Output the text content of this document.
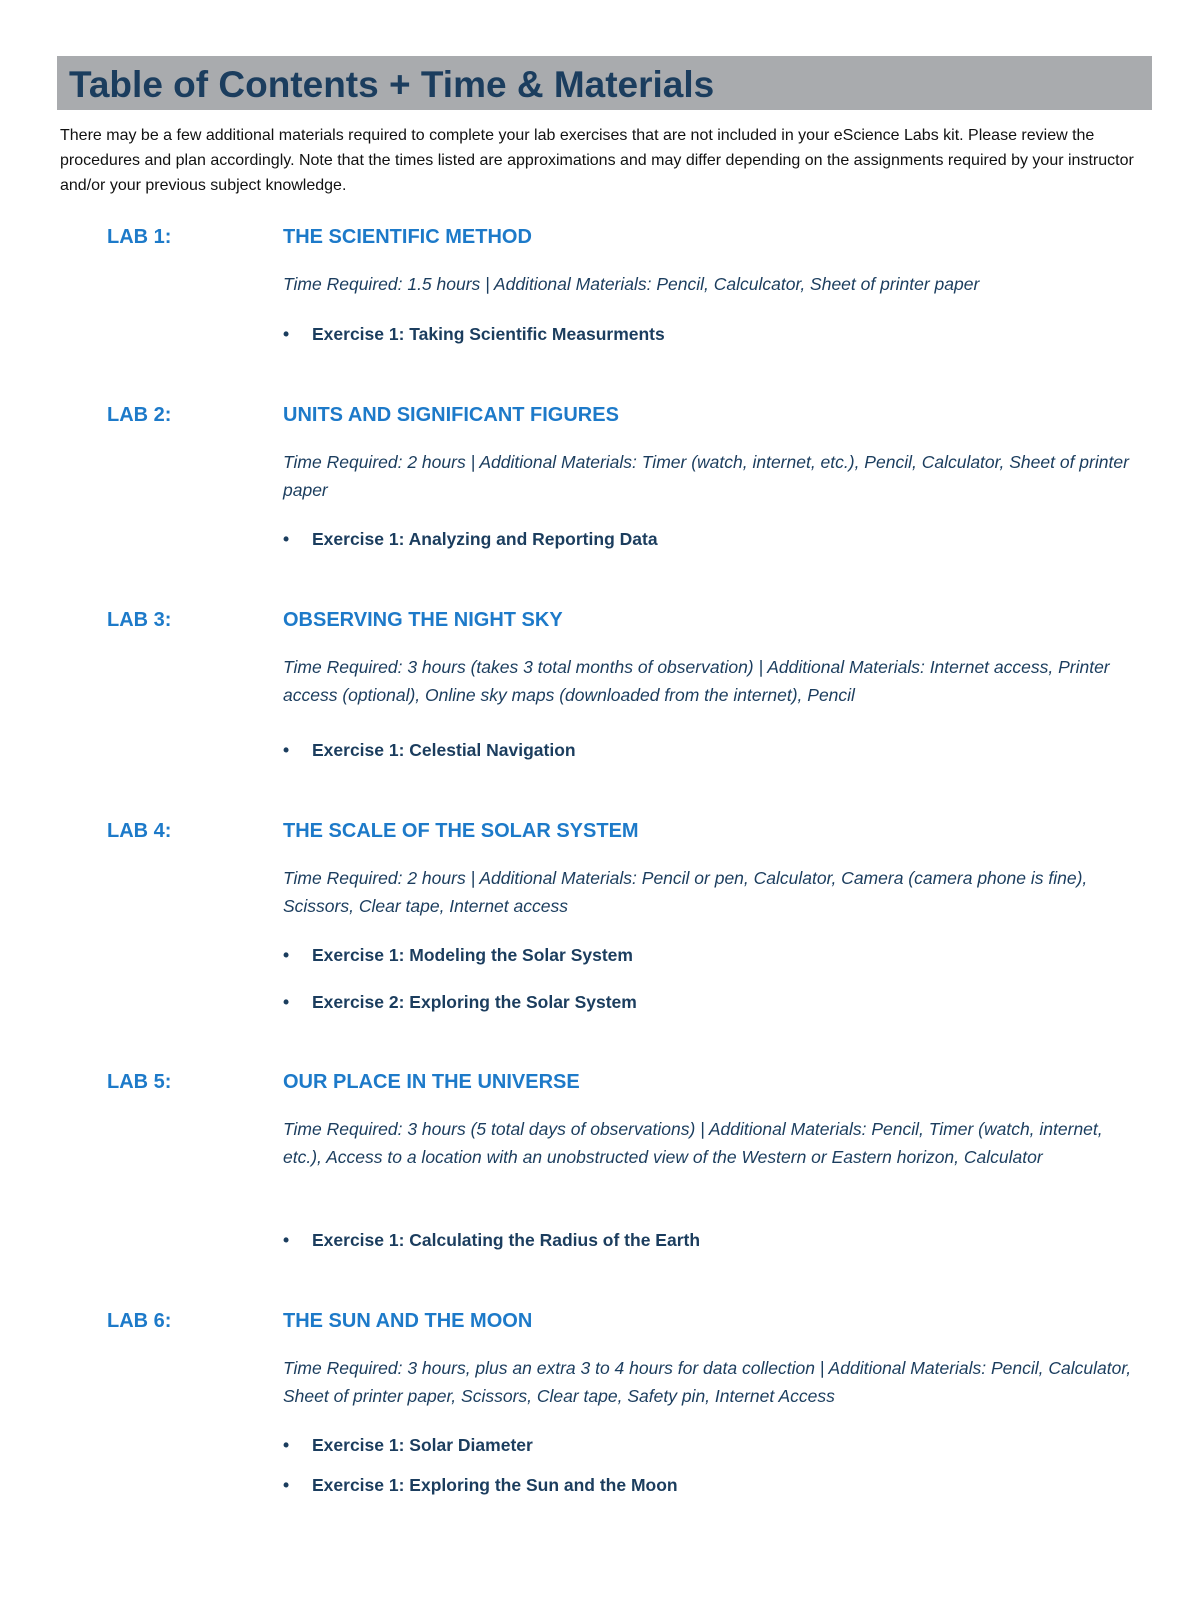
Table of Contents + Time & Materials

There may be a few additional materials required to complete your lab exercises that are not included in your eScience Labs kit. Please review the procedures and plan accordingly. Note that the times listed are approximations and may differ depending on the assignments required by your instructor and/or your previous subject knowledge.

LAB 1:	THE SCIENTIFIC METHOD

Time Required: 1.5 hours | Additional Materials: Pencil, Calculcator, Sheet of printer paper

• Exercise 1: Taking Scientific Measurments

LAB 2:	UNITS AND SIGNIFICANT FIGURES

Time Required: 2 hours | Additional Materials: Timer (watch, internet, etc.), Pencil, Calculator, Sheet of printer paper

• Exercise 1: Analyzing and Reporting Data

LAB 3:	OBSERVING THE NIGHT SKY

Time Required: 3 hours (takes 3 total months of observation) | Additional Materials: Internet access, Printer access (optional), Online sky maps (downloaded from the internet), Pencil

• Exercise 1: Celestial Navigation

LAB 4:	THE SCALE OF THE SOLAR SYSTEM

Time Required: 2 hours | Additional Materials: Pencil or pen, Calculator, Camera (camera phone is fine), Scissors, Clear tape, Internet access

• Exercise 1: Modeling the Solar System

• Exercise 2: Exploring the Solar System

LAB 5:	OUR PLACE IN THE UNIVERSE

Time Required: 3 hours (5 total days of observations) | Additional Materials: Pencil, Timer (watch, internet, etc.), Access to a location with an unobstructed view of the Western or Eastern horizon, Calculator

• Exercise 1: Calculating the Radius of the Earth

LAB 6:	THE SUN AND THE MOON

Time Required: 3 hours, plus an extra 3 to 4 hours for data collection | Additional Materials: Pencil, Calculator, Sheet of printer paper, Scissors, Clear tape, Safety pin, Internet Access

• Exercise 1: Solar Diameter

• Exercise 1: Exploring the Sun and the Moon
